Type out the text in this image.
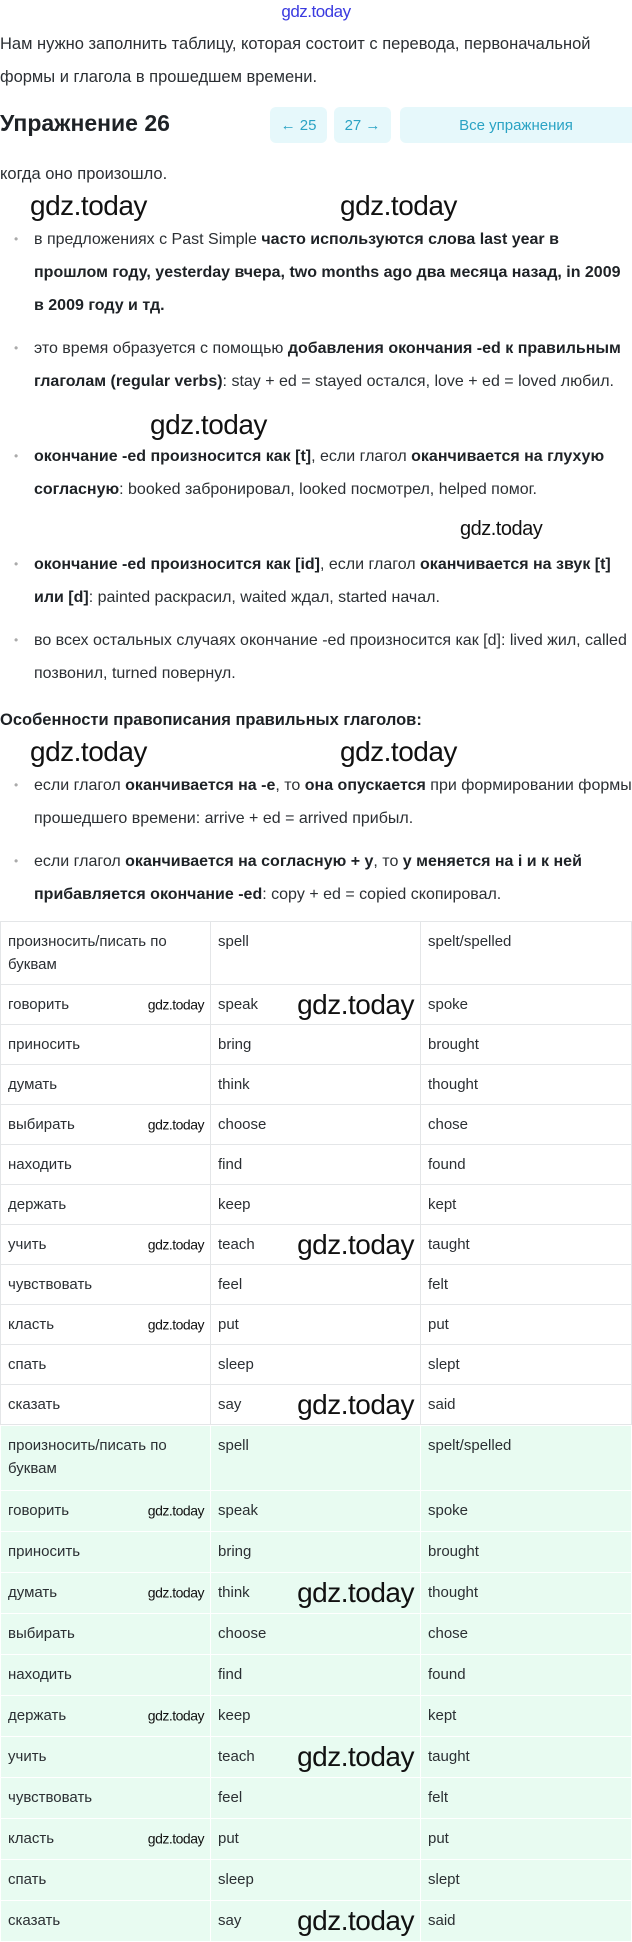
gdz.today
Нам нужно заполнить таблицу, которая состоит с перевода, первоначальной формы и глагола в прошедшем времени.
Упражнение 26	← 25	27 →	Все упражнения
когда оно произошло.
gdz.today	gdz.today
• в предложениях с Past Simple часто используются слова last year в прошлом году, yesterday вчера, two months ago два месяца назад, in 2009 в 2009 году и тд.
• это время образуется с помощью добавления окончания -ed к правильным глаголам (regular verbs): stay + ed = stayed остался, love + ed = loved любил.
gdz.today
• окончание -ed произносится как [t], если глагол оканчивается на глухую согласную: booked забронировал, looked посмотрел, helped помог.
gdz.today
• окончание -ed произносится как [id], если глагол оканчивается на звук [t] или [d]: painted раскрасил, waited ждал, started начал.
• во всех остальных случаях окончание -ed произносится как [d]: lived жил, called позвонил, turned повернул.
Особенности правописания правильных глаголов:
gdz.today	gdz.today
• если глагол оканчивается на -e, то она опускается при формировании формы прошедшего времени: arrive + ed = arrived прибыл.
• если глагол оканчивается на согласную + y, то y меняется на i и к ней прибавляется окончание -ed: copy + ed = copied скопировал.
произносить/писать по буквам	spell	spelt/spelled
говорить gdz.today	speak gdz.today	spoke
приносить	bring	brought
думать	think	thought
выбирать gdz.today	choose	chose
находить	find	found
держать	keep	kept
учить gdz.today	teach gdz.today	taught
чувствовать	feel	felt
класть gdz.today	put	put
спать	sleep	slept
сказать	say gdz.today	said
произносить/писать по буквам	spell	spelt/spelled
говорить gdz.today	speak	spoke
приносить	bring	brought
думать gdz.today	think gdz.today	thought
выбирать	choose	chose
находить	find	found
держать gdz.today	keep	kept
учить	teach gdz.today	taught
чувствовать	feel	felt
класть gdz.today	put	put
спать	sleep	slept
сказать	say gdz.today	said
